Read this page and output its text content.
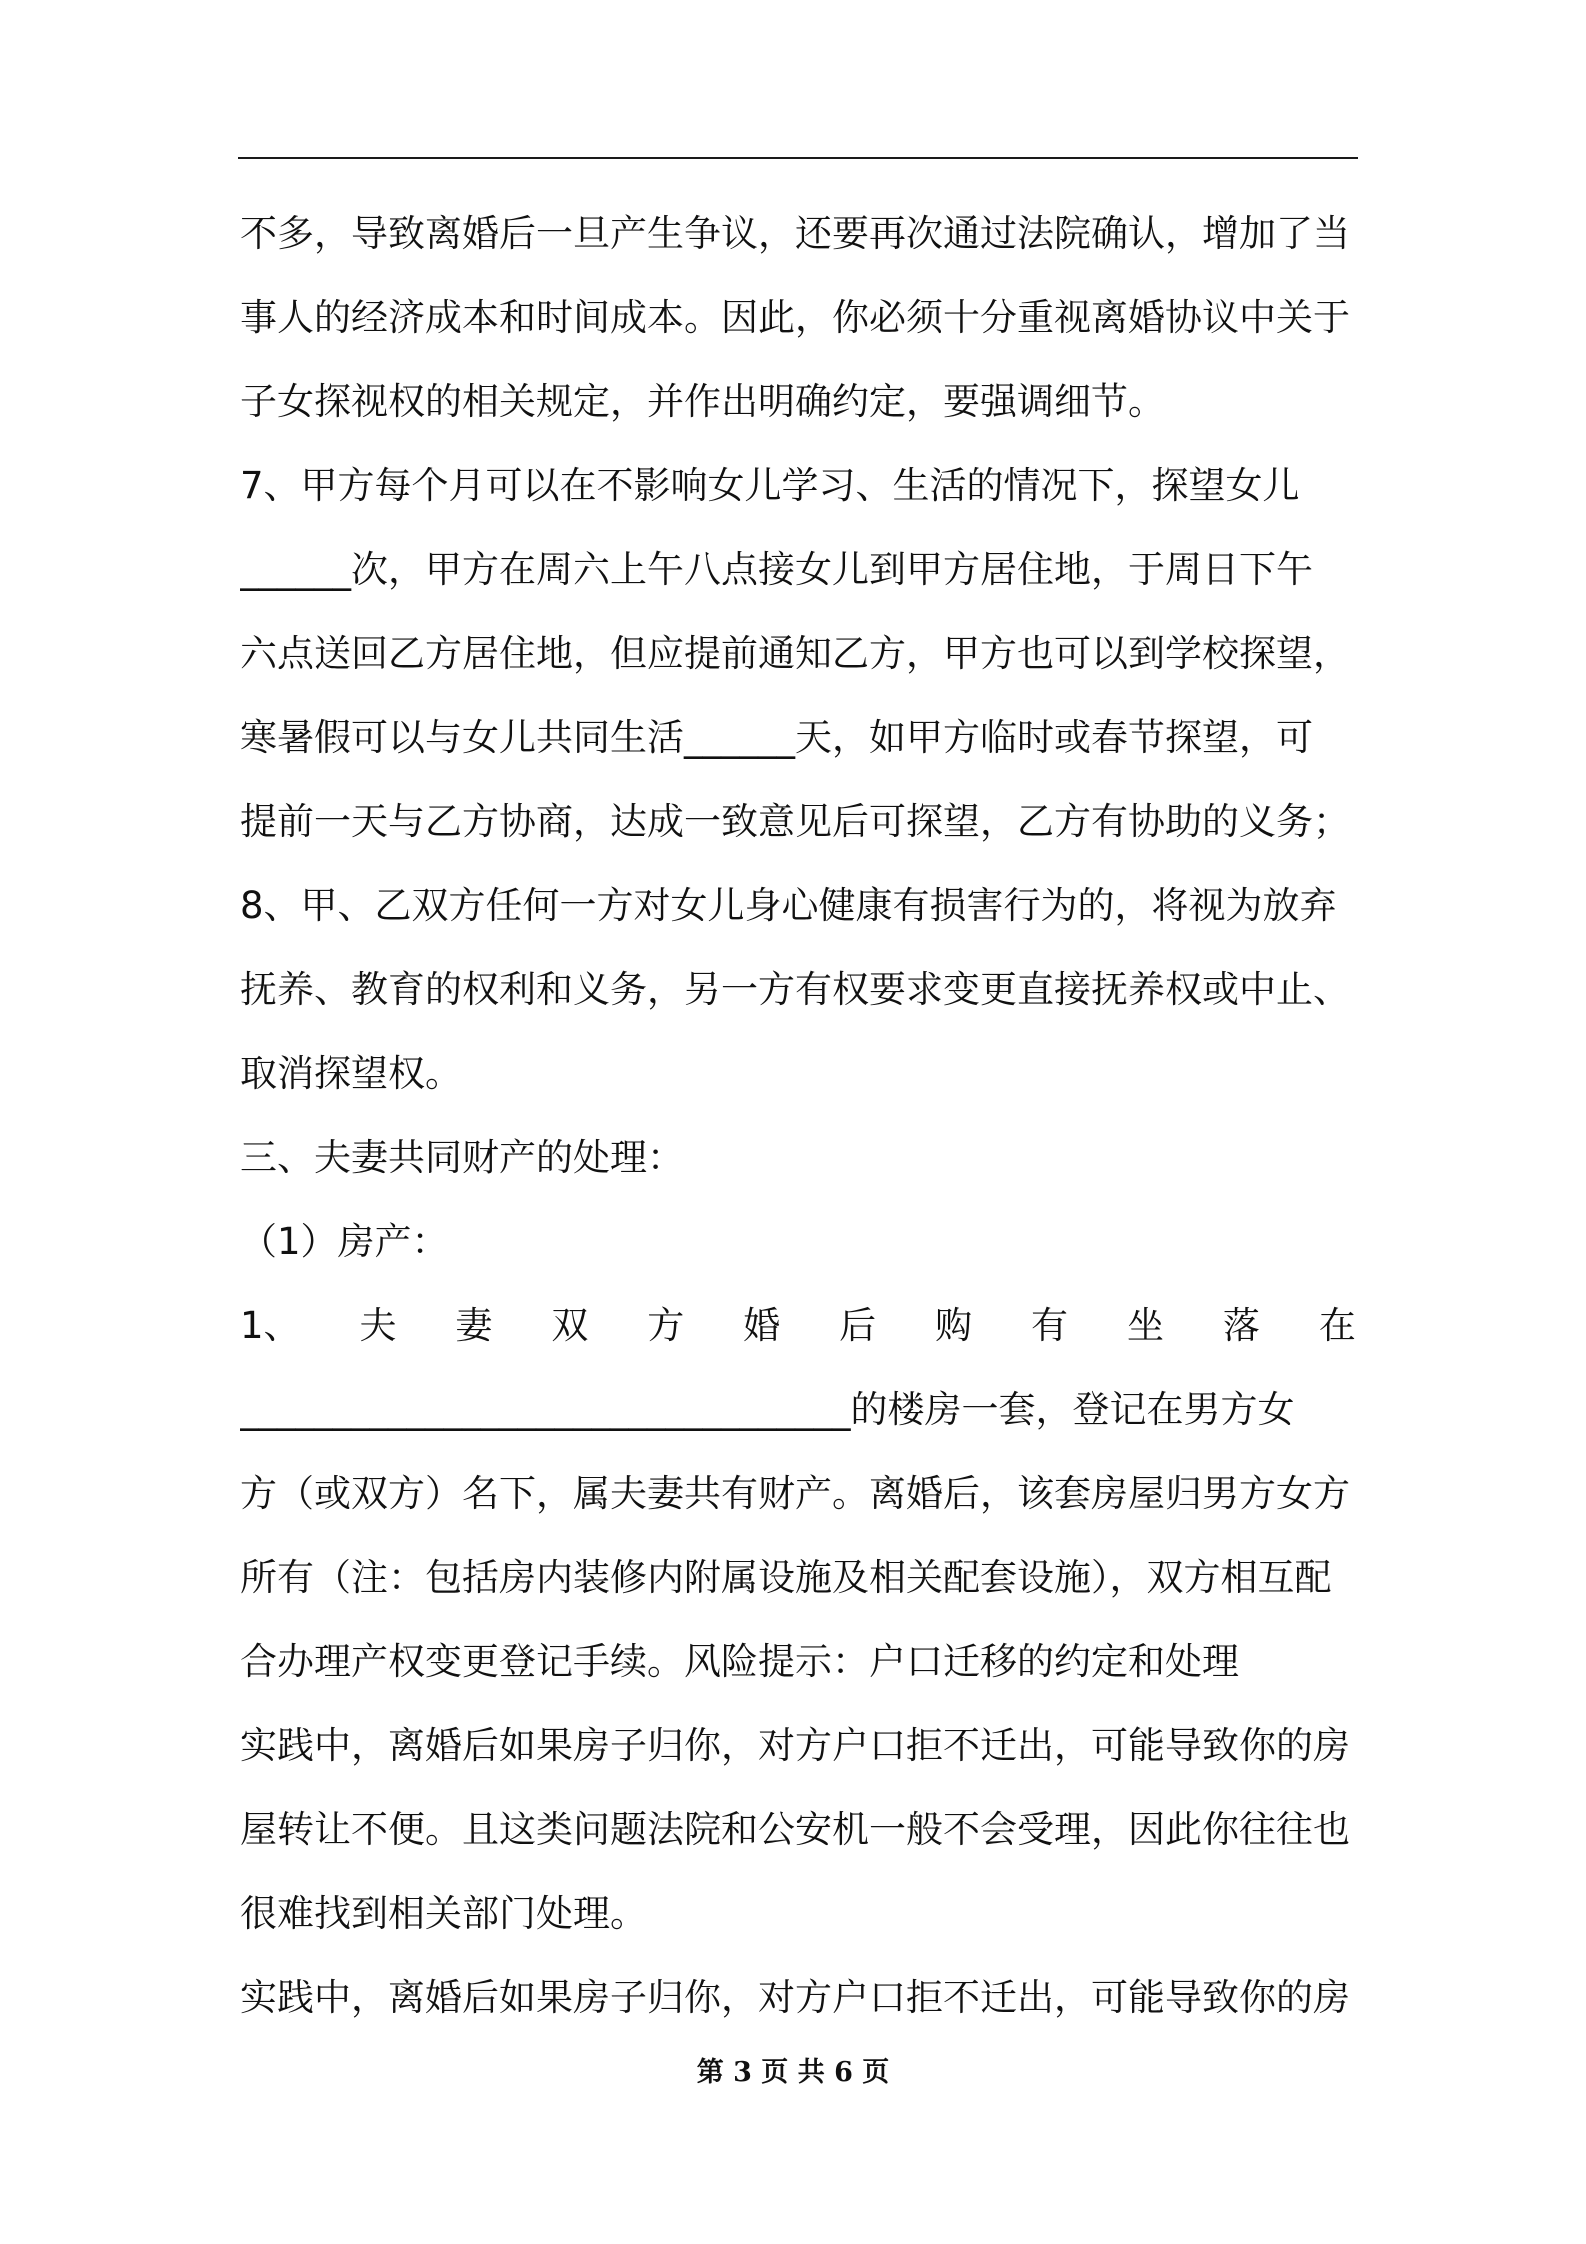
不多，导致离婚后一旦产生争议，还要再次通过法院确认，增加了当
事人的经济成本和时间成本。因此，你必须十分重视离婚协议中关于
子女探视权的相关规定，并作出明确约定，要强调细节。
7、甲方每个月可以在不影响女儿学习、生活的情况下，探望女儿
______次，甲方在周六上午八点接女儿到甲方居住地，于周日下午
六点送回乙方居住地，但应提前通知乙方，甲方也可以到学校探望，
寒暑假可以与女儿共同生活______天，如甲方临时或春节探望，可
提前一天与乙方协商，达成一致意见后可探望，乙方有协助的义务；
8、甲、乙双方任何一方对女儿身心健康有损害行为的，将视为放弃
抚养、教育的权利和义务，另一方有权要求变更直接抚养权或中止、
取消探望权。
三、夫妻共同财产的处理：
（1）房产：
1、 夫 妻 双 方 婚 后 购 有 坐 落 在
_________________________________的楼房一套，登记在男方女
方（或双方）名下，属夫妻共有财产。离婚后，该套房屋归男方女方
所有（注：包括房内装修内附属设施及相关配套设施），双方相互配
合办理产权变更登记手续。风险提示：户口迁移的约定和处理
实践中，离婚后如果房子归你，对方户口拒不迁出，可能导致你的房
屋转让不便。且这类问题法院和公安机一般不会受理，因此你往往也
很难找到相关部门处理。
实践中，离婚后如果房子归你，对方户口拒不迁出，可能导致你的房
第 3 页 共 6 页
